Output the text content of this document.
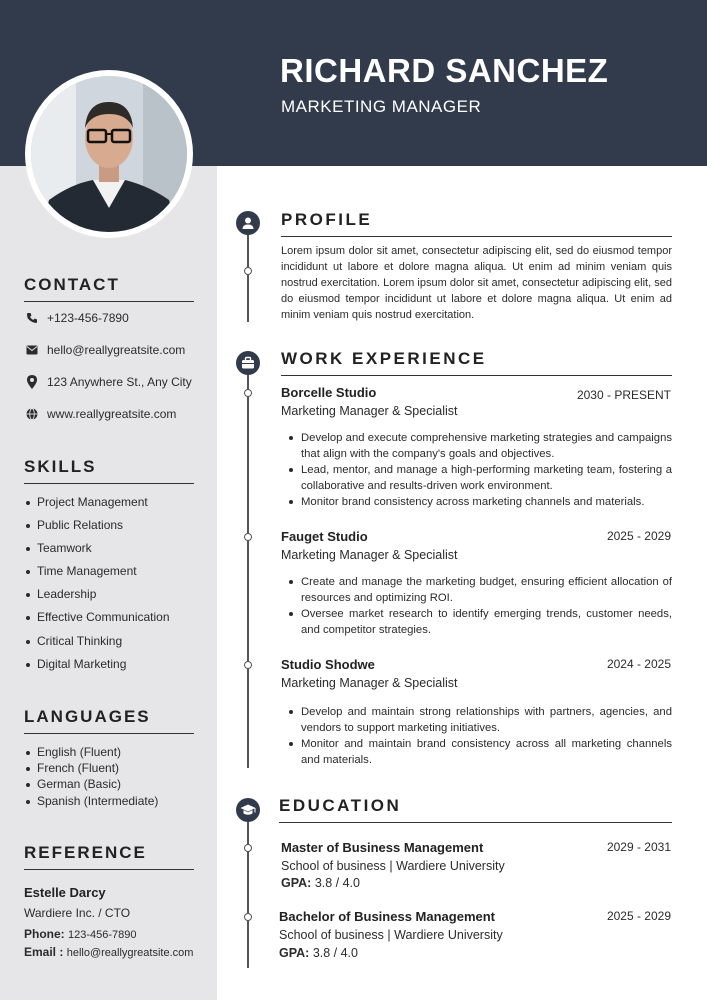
RICHARD SANCHEZ
MARKETING MANAGER
CONTACT
+123-456-7890
hello@reallygreatsite.com
123 Anywhere St., Any City
www.reallygreatsite.com
SKILLS
Project Management
Public Relations
Teamwork
Time Management
Leadership
Effective Communication
Critical Thinking
Digital Marketing
LANGUAGES
English (Fluent)
French (Fluent)
German (Basic)
Spanish (Intermediate)
REFERENCE
Estelle Darcy
Wardiere Inc. / CTO
Phone: 123-456-7890
Email : hello@reallygreatsite.com
PROFILE
Lorem ipsum dolor sit amet, consectetur adipiscing elit, sed do eiusmod tempor incididunt ut labore et dolore magna aliqua. Ut enim ad minim veniam quis nostrud exercitation. Lorem ipsum dolor sit amet, consectetur adipiscing elit, sed do eiusmod tempor incididunt ut labore et dolore magna aliqua. Ut enim ad minim veniam quis nostrud exercitation.
WORK EXPERIENCE
Borcelle Studio	2030 - PRESENT
Marketing Manager & Specialist
Develop and execute comprehensive marketing strategies and campaigns that align with the company's goals and objectives.
Lead, mentor, and manage a high-performing marketing team, fostering a collaborative and results-driven work environment.
Monitor brand consistency across marketing channels and materials.
Fauget Studio	2025 - 2029
Marketing Manager & Specialist
Create and manage the marketing budget, ensuring efficient allocation of resources and optimizing ROI.
Oversee market research to identify emerging trends, customer needs, and competitor strategies.
Studio Shodwe	2024 - 2025
Marketing Manager & Specialist
Develop and maintain strong relationships with partners, agencies, and vendors to support marketing initiatives.
Monitor and maintain brand consistency across all marketing channels and materials.
EDUCATION
Master of Business Management	2029 - 2031
School of business | Wardiere University
GPA: 3.8 / 4.0
Bachelor of Business Management	2025 - 2029
School of business | Wardiere University
GPA: 3.8 / 4.0
